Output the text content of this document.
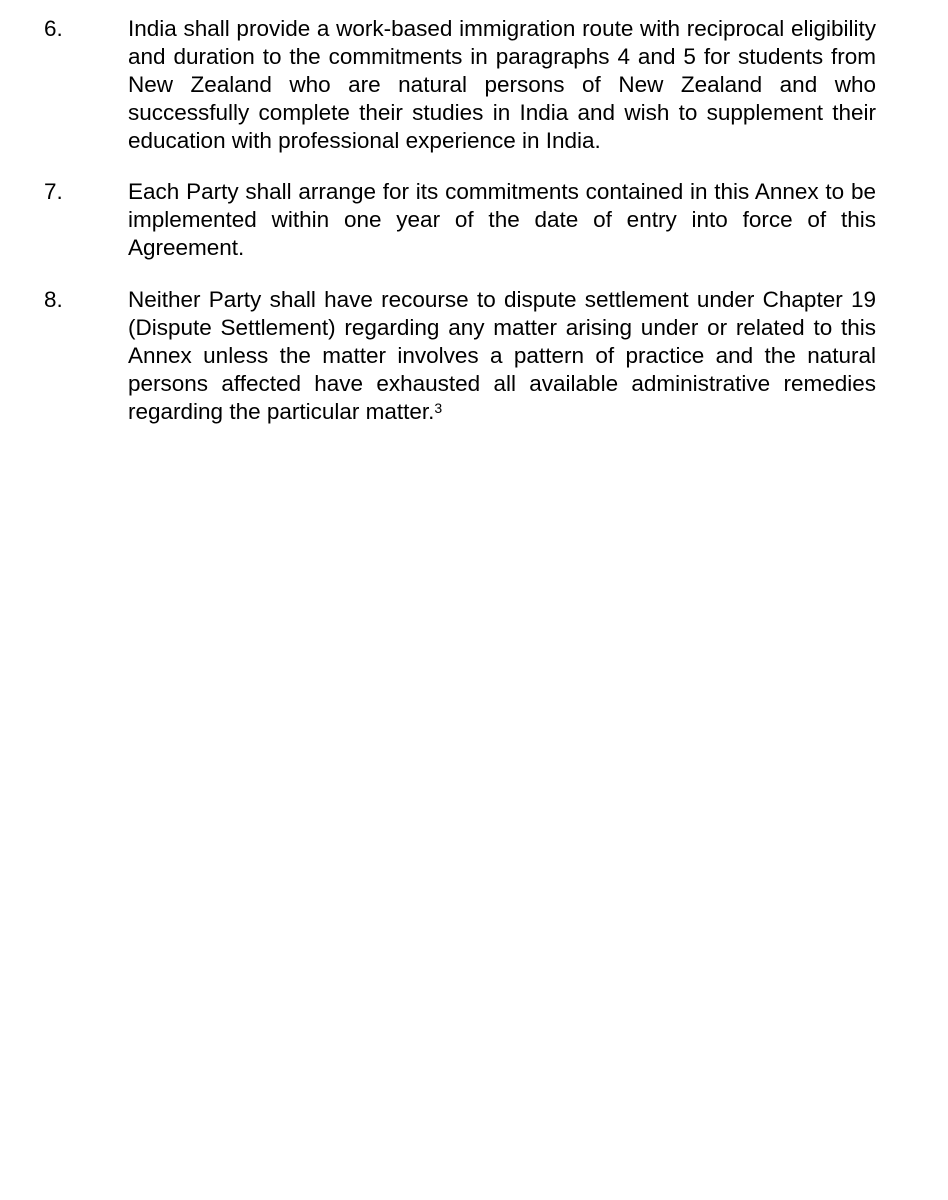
6.	India shall provide a work-based immigration route with reciprocal eligibility and duration to the commitments in paragraphs 4 and 5 for students from New Zealand who are natural persons of New Zealand and who successfully complete their studies in India and wish to supplement their education with professional experience in India.

7.	Each Party shall arrange for its commitments contained in this Annex to be implemented within one year of the date of entry into force of this Agreement.

8.	Neither Party shall have recourse to dispute settlement under Chapter 19 (Dispute Settlement) regarding any matter arising under or related to this Annex unless the matter involves a pattern of practice and the natural persons affected have exhausted all available administrative remedies regarding the particular matter.$^3$
